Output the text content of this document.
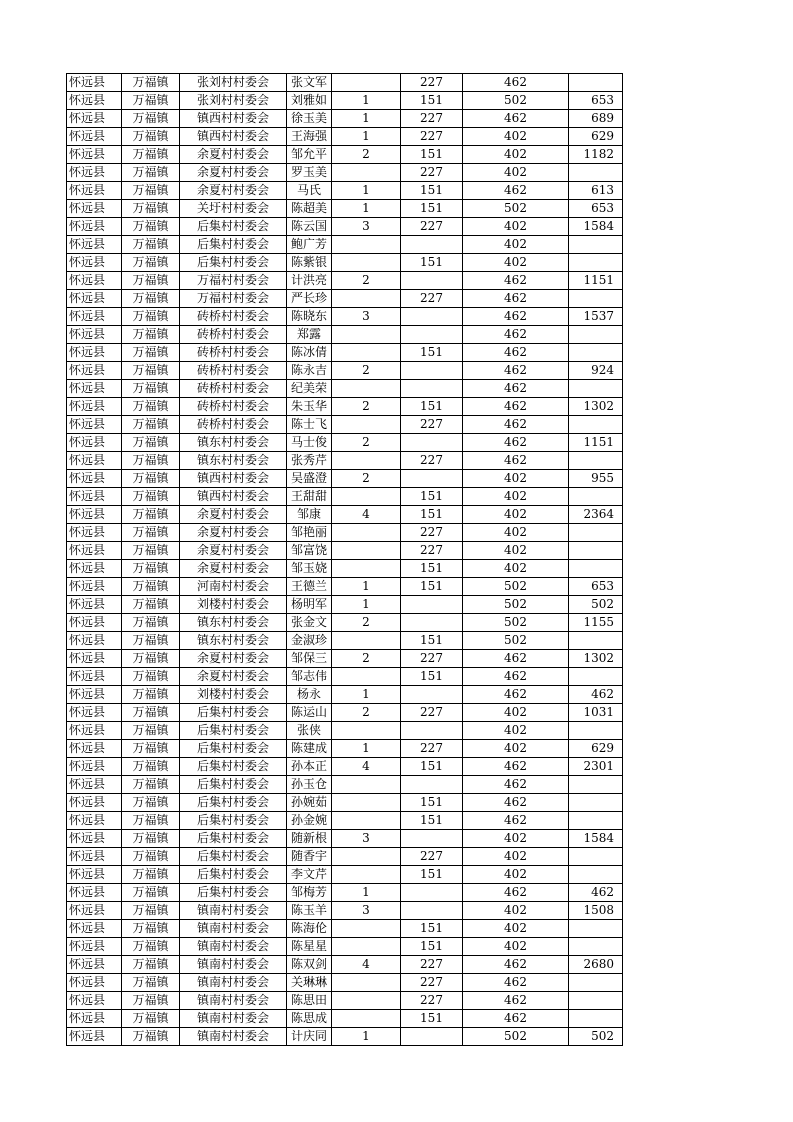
怀远县	万福镇	张刘村村委会	张文军		227	462	
怀远县	万福镇	张刘村村委会	刘雅如	1	151	502	653
怀远县	万福镇	镇西村村委会	徐玉美	1	227	462	689
怀远县	万福镇	镇西村村委会	王海强	1	227	402	629
怀远县	万福镇	余夏村村委会	邹允平	2	151	402	1182
怀远县	万福镇	余夏村村委会	罗玉美		227	402	
怀远县	万福镇	余夏村村委会	马氏	1	151	462	613
怀远县	万福镇	关圩村村委会	陈超美	1	151	502	653
怀远县	万福镇	后集村村委会	陈云国	3	227	402	1584
怀远县	万福镇	后集村村委会	鲍广芳			402	
怀远县	万福镇	后集村村委会	陈紫银		151	402	
怀远县	万福镇	万福村村委会	计洪亮	2		462	1151
怀远县	万福镇	万福村村委会	严长珍		227	462	
怀远县	万福镇	砖桥村村委会	陈晓东	3		462	1537
怀远县	万福镇	砖桥村村委会	郑露			462	
怀远县	万福镇	砖桥村村委会	陈冰倩		151	462	
怀远县	万福镇	砖桥村村委会	陈永吉	2		462	924
怀远县	万福镇	砖桥村村委会	纪美荣			462	
怀远县	万福镇	砖桥村村委会	朱玉华	2	151	462	1302
怀远县	万福镇	砖桥村村委会	陈士飞		227	462	
怀远县	万福镇	镇东村村委会	马士俊	2		462	1151
怀远县	万福镇	镇东村村委会	张秀芹		227	462	
怀远县	万福镇	镇西村村委会	吴盛澄	2		402	955
怀远县	万福镇	镇西村村委会	王甜甜		151	402	
怀远县	万福镇	余夏村村委会	邹康	4	151	402	2364
怀远县	万福镇	余夏村村委会	邹艳丽		227	402	
怀远县	万福镇	余夏村村委会	邹富饶		227	402	
怀远县	万福镇	余夏村村委会	邹玉娆		151	402	
怀远县	万福镇	河南村村委会	王德兰	1	151	502	653
怀远县	万福镇	刘楼村村委会	杨明军	1		502	502
怀远县	万福镇	镇东村村委会	张金文	2		502	1155
怀远县	万福镇	镇东村村委会	金淑珍		151	502	
怀远县	万福镇	余夏村村委会	邹保三	2	227	462	1302
怀远县	万福镇	余夏村村委会	邹志伟		151	462	
怀远县	万福镇	刘楼村村委会	杨永	1		462	462
怀远县	万福镇	后集村村委会	陈运山	2	227	402	1031
怀远县	万福镇	后集村村委会	张侠			402	
怀远县	万福镇	后集村村委会	陈建成	1	227	402	629
怀远县	万福镇	后集村村委会	孙本正	4	151	462	2301
怀远县	万福镇	后集村村委会	孙玉仓			462	
怀远县	万福镇	后集村村委会	孙婉茹		151	462	
怀远县	万福镇	后集村村委会	孙金婉		151	462	
怀远县	万福镇	后集村村委会	随新根	3		402	1584
怀远县	万福镇	后集村村委会	随香宇		227	402	
怀远县	万福镇	后集村村委会	李文芹		151	402	
怀远县	万福镇	后集村村委会	邹梅芳	1		462	462
怀远县	万福镇	镇南村村委会	陈玉羊	3		402	1508
怀远县	万福镇	镇南村村委会	陈海伦		151	402	
怀远县	万福镇	镇南村村委会	陈星星		151	402	
怀远县	万福镇	镇南村村委会	陈双剑	4	227	462	2680
怀远县	万福镇	镇南村村委会	关琳琳		227	462	
怀远县	万福镇	镇南村村委会	陈思田		227	462	
怀远县	万福镇	镇南村村委会	陈思成		151	462	
怀远县	万福镇	镇南村村委会	计庆同	1		502	502
